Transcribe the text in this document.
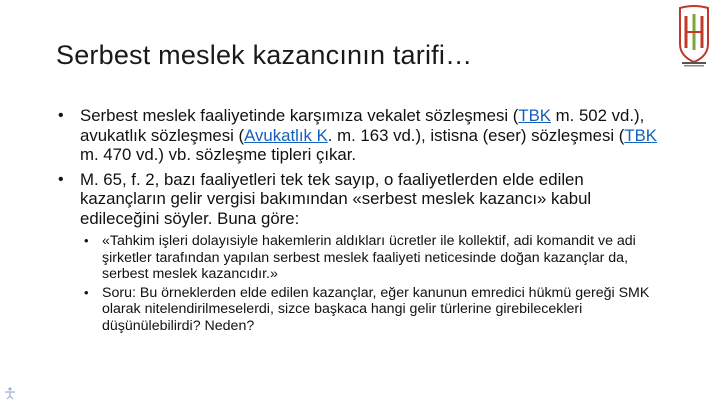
Serbest meslek kazancının tarifi…
• Serbest meslek faaliyetinde karşımıza vekalet sözleşmesi (TBK m. 502 vd.), avukatlık sözleşmesi (Avukatlık K. m. 163 vd.), istisna (eser) sözleşmesi (TBK m. 470 vd.) vb. sözleşme tipleri çıkar.
• M. 65, f. 2, bazı faaliyetleri tek tek sayıp, o faaliyetlerden elde edilen kazançların gelir vergisi bakımından «serbest meslek kazancı» kabul edileceğini söyler. Buna göre:
• «Tahkim işleri dolayısiyle hakemlerin aldıkları ücretler ile kollektif, adi komandit ve adi şirketler tarafından yapılan serbest meslek faaliyeti neticesinde doğan kazançlar da, serbest meslek kazancıdır.»
• Soru: Bu örneklerden elde edilen kazançlar, eğer kanunun emredici hükmü gereği SMK olarak nitelendirilmeselerdi, sizce başkaca hangi gelir türlerine girebilecekleri düşünülebilirdi? Neden?
